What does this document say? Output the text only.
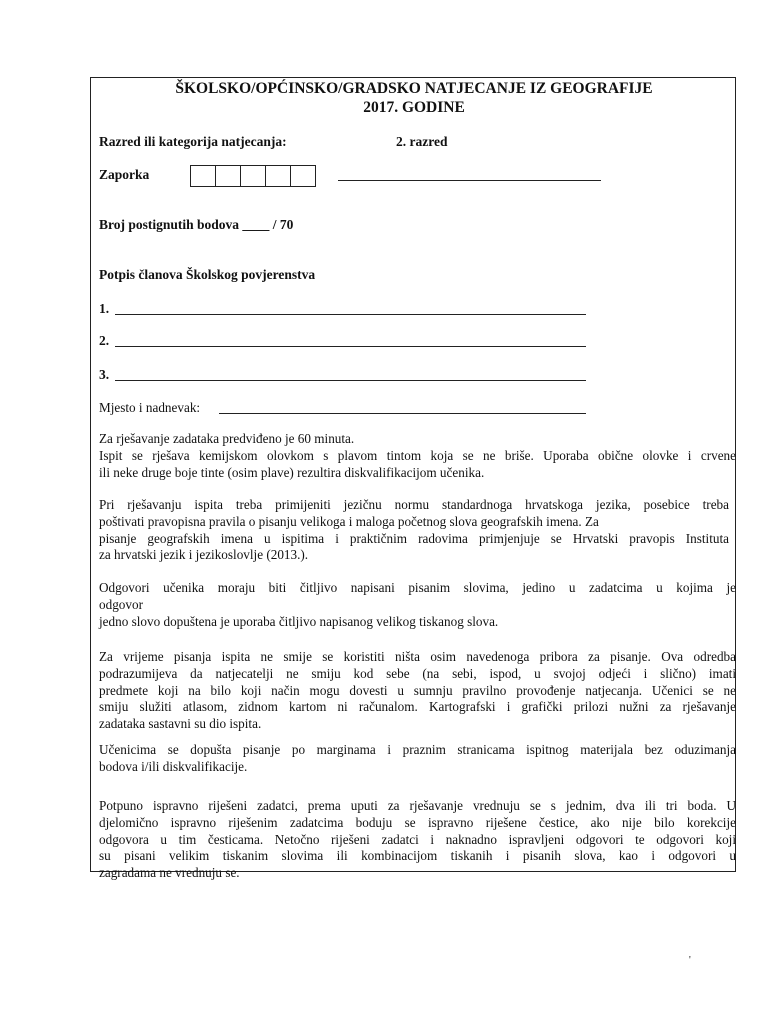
ŠKOLSKO/OPĆINSKO/GRADSKO NATJECANJE IZ GEOGRAFIJE
2017. GODINE
Razred ili kategorija natjecanja:	2. razred
Zaporka
Broj postignutih bodova ____ / 70
Potpis članova Školskog povjerenstva
1.
2.
3.
Mjesto i nadnevak:
Za rješavanje zadataka predviđeno je 60 minuta.
Ispit se rješava kemijskom olovkom s plavom tintom koja se ne briše. Uporaba obične olovke i crvene
ili neke druge boje tinte (osim plave) rezultira diskvalifikacijom učenika.
Pri rješavanju ispita treba primijeniti jezičnu normu standardnoga hrvatskoga jezika, posebice treba
poštivati pravopisna pravila o pisanju velikoga i maloga početnog slova geografskih imena. Za
pisanje geografskih imena u ispitima i praktičnim radovima primjenjuje se Hrvatski pravopis Instituta
za hrvatski jezik i jezikoslovlje (2013.).
Odgovori učenika moraju biti čitljivo napisani pisanim slovima, jedino u zadatcima u kojima je
odgovor
jedno slovo dopuštena je uporaba čitljivo napisanog velikog tiskanog slova.
Za vrijeme pisanja ispita ne smije se koristiti ništa osim navedenoga pribora za pisanje. Ova odredba
podrazumijeva da natjecatelji ne smiju kod sebe (na sebi, ispod, u svojoj odjeći i slično) imati
predmete koji na bilo koji način mogu dovesti u sumnju pravilno provođenje natjecanja. Učenici se ne
smiju služiti atlasom, zidnom kartom ni računalom. Kartografski i grafički prilozi nužni za rješavanje
zadataka sastavni su dio ispita.
Učenicima se dopušta pisanje po marginama i praznim stranicama ispitnog materijala bez oduzimanja
bodova i/ili diskvalifikacije.
Potpuno ispravno riješeni zadatci, prema uputi za rješavanje vrednuju se s jednim, dva ili tri boda. U
djelomično ispravno riješenim zadatcima boduju se ispravno riješene čestice, ako nije bilo korekcije
odgovora u tim česticama. Netočno riješeni zadatci i naknadno ispravljeni odgovori te odgovori koji
su pisani velikim tiskanim slovima ili kombinacijom tiskanih i pisanih slova, kao i odgovori u
zagradama ne vrednuju se.
'
